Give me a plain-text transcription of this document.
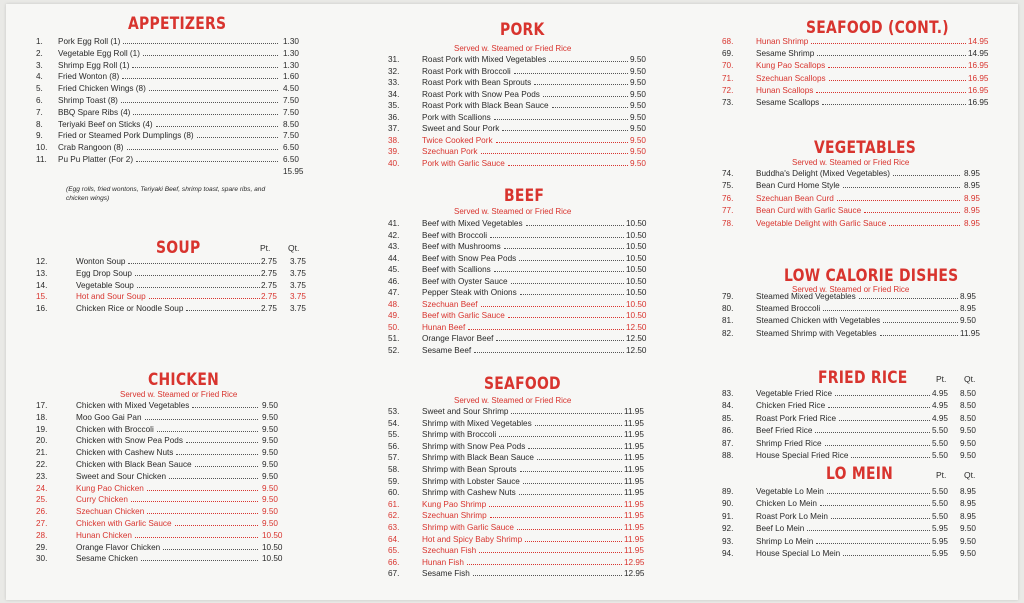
APPETIZERS
1. Pork Egg Roll (1)	1.30
2. Vegetable Egg Roll (1)	1.30
3. Shrimp Egg Roll (1)	1.30
4. Fried Wonton (8)	1.60
5. Fried Chicken Wings (8)	4.50
6. Shrimp Toast (8)	7.50
7. BBQ Spare Ribs (4)	7.50
8. Teriyaki Beef on Sticks (4)	8.50
9. Fried or Steamed Pork Dumplings (8)	7.50
10. Crab Rangoon (8)	6.50
11. Pu Pu Platter (For 2)	6.50
15.95
(Egg rolls, fried wontons, Teriyaki Beef, shrimp toast, spare ribs, and chicken wings)
SOUP	Pt. Qt.
12.	Wonton Soup	2.75 3.75
13.	Egg Drop Soup	2.75 3.75
14.	Vegetable Soup	2.75 3.75
15.	Hot and Sour Soup	2.75 3.75
16.	Chicken Rice or Noodle Soup	2.75 3.75
CHICKEN
Served w. Steamed or Fried Rice
17.	Chicken with Mixed Vegetables	9.50
18.	Moo Goo Gai Pan	9.50
19.	Chicken with Broccoli	9.50
20.	Chicken with Snow Pea Pods	9.50
21.	Chicken with Cashew Nuts	9.50
22.	Chicken with Black Bean Sauce	9.50
23.	Sweet and Sour Chicken	9.50
24.	Kung Pao Chicken	9.50
25.	Curry Chicken	9.50
26.	Szechuan Chicken	9.50
27.	Chicken with Garlic Sauce	9.50
28.	Hunan Chicken	10.50
29.	Orange Flavor Chicken	10.50
30.	Sesame Chicken	10.50
PORK
Served w. Steamed or Fried Rice
31.	Roast Pork with Mixed Vegetables	9.50
32.	Roast Pork with Broccoli	9.50
33.	Roast Pork with Bean Sprouts	9.50
34.	Roast Pork with Snow Pea Pods	9.50
35.	Roast Pork with Black Bean Sauce	9.50
36.	Pork with Scallions	9.50
37.	Sweet and Sour Pork	9.50
38.	Twice Cooked Pork	9.50
39.	Szechuan Pork	9.50
40.	Pork with Garlic Sauce	9.50
BEEF
Served w. Steamed or Fried Rice
41.	Beef with Mixed Vegetables	10.50
42.	Beef with Broccoli	10.50
43.	Beef with Mushrooms	10.50
44.	Beef with Snow Pea Pods	10.50
45.	Beef with Scallions	10.50
46.	Beef with Oyster Sauce	10.50
47.	Pepper Steak with Onions	10.50
48.	Szechuan Beef	10.50
49.	Beef with Garlic Sauce	10.50
50.	Hunan Beef	12.50
51.	Orange Flavor Beef	12.50
52.	Sesame Beef	12.50
SEAFOOD
Served w. Steamed or Fried Rice
53.	Sweet and Sour Shrimp	11.95
54.	Shrimp with Mixed Vegetables	11.95
55.	Shrimp with Broccoli	11.95
56.	Shrimp with Snow Pea Pods	11.95
57.	Shrimp with Black Bean Sauce	11.95
58.	Shrimp with Bean Sprouts	11.95
59.	Shrimp with Lobster Sauce	11.95
60.	Shrimp with Cashew Nuts	11.95
61.	Kung Pao Shrimp	11.95
62.	Szechuan Shrimp	11.95
63.	Shrimp with Garlic Sauce	11.95
64.	Hot and Spicy Baby Shrimp	11.95
65.	Szechuan Fish	11.95
66.	Hunan Fish	12.95
67.	Sesame Fish	12.95
SEAFOOD (CONT.)
68.	Hunan Shrimp	14.95
69.	Sesame Shrimp	14.95
70.	Kung Pao Scallops	16.95
71.	Szechuan Scallops	16.95
72.	Hunan Scallops	16.95
73.	Sesame Scallops	16.95
VEGETABLES
Served w. Steamed or Fried Rice
74.	Buddha's Delight (Mixed Vegetables)	8.95
75.	Bean Curd Home Style	8.95
76.	Szechuan Bean Curd	8.95
77.	Bean Curd with Garlic Sauce	8.95
78.	Vegetable Delight with Garlic Sauce	8.95
LOW CALORIE DISHES
Served w. Steamed or Fried Rice
79.	Steamed Mixed Vegetables	8.95
80.	Steamed Broccoli	8.95
81.	Steamed Chicken with Vegetables	9.50
82.	Steamed Shrimp with Vegetables	11.95
FRIED RICE	Pt. Qt.
83.	Vegetable Fried Rice	4.95 8.50
84.	Chicken Fried Rice	4.95 8.50
85.	Roast Pork Fried Rice	4.95 8.50
86.	Beef Fried Rice	5.50 9.50
87.	Shrimp Fried Rice	5.50 9.50
88.	House Special Fried Rice	5.50 9.50
LO MEIN	Pt. Qt.
89.	Vegetable Lo Mein	5.50 8.95
90.	Chicken Lo Mein	5.50 8.95
91.	Roast Pork Lo Mein	5.50 8.95
92.	Beef Lo Mein	5.95 9.50
93.	Shrimp Lo Mein	5.95 9.50
94.	House Special Lo Mein	5.95 9.50
